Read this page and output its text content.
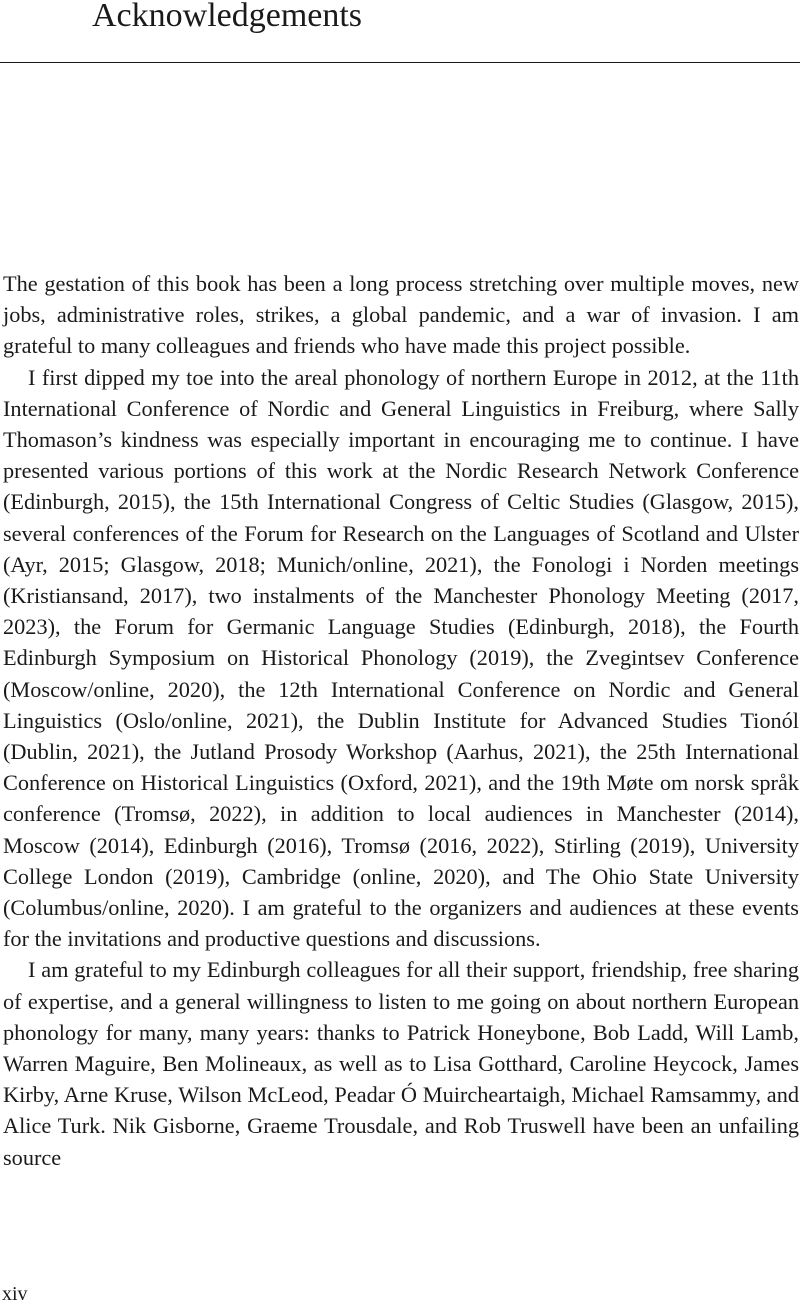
Acknowledgements

The gestation of this book has been a long process stretching over multiple moves, new jobs, administrative roles, strikes, a global pandemic, and a war of invasion. I am grateful to many colleagues and friends who have made this project possible.

I first dipped my toe into the areal phonology of northern Europe in 2012, at the 11th International Conference of Nordic and General Linguistics in Freiburg, where Sally Thomason’s kindness was especially important in encouraging me to continue. I have presented various portions of this work at the Nordic Research Network Conference (Edinburgh, 2015), the 15th International Congress of Celtic Studies (Glasgow, 2015), several conferences of the Forum for Research on the Languages of Scotland and Ulster (Ayr, 2015; Glasgow, 2018; Munich/online, 2021), the Fonologi i Norden meetings (Kristiansand, 2017), two instalments of the Manchester Phonology Meeting (2017, 2023), the Forum for Germanic Language Studies (Edinburgh, 2018), the Fourth Edinburgh Symposium on Historical Phonology (2019), the Zvegintsev Conference (Moscow/online, 2020), the 12th International Conference on Nordic and General Linguistics (Oslo/online, 2021), the Dublin Institute for Advanced Studies Tionól (Dublin, 2021), the Jutland Prosody Workshop (Aarhus, 2021), the 25th International Conference on Historical Linguistics (Oxford, 2021), and the 19th Møte om norsk språk conference (Tromsø, 2022), in addition to local audiences in Manchester (2014), Moscow (2014), Edinburgh (2016), Tromsø (2016, 2022), Stirling (2019), University College London (2019), Cambridge (online, 2020), and The Ohio State University (Columbus/online, 2020). I am grateful to the organizers and audiences at these events for the invitations and productive questions and discussions.

I am grateful to my Edinburgh colleagues for all their support, friendship, free sharing of expertise, and a general willingness to listen to me going on about northern European phonology for many, many years: thanks to Patrick Honeybone, Bob Ladd, Will Lamb, Warren Maguire, Ben Molineaux, as well as to Lisa Gotthard, Caroline Heycock, James Kirby, Arne Kruse, Wilson McLeod, Peadar Ó Muircheartaigh, Michael Ramsammy, and Alice Turk. Nik Gisborne, Graeme Trousdale, and Rob Truswell have been an unfailing source

xiv
